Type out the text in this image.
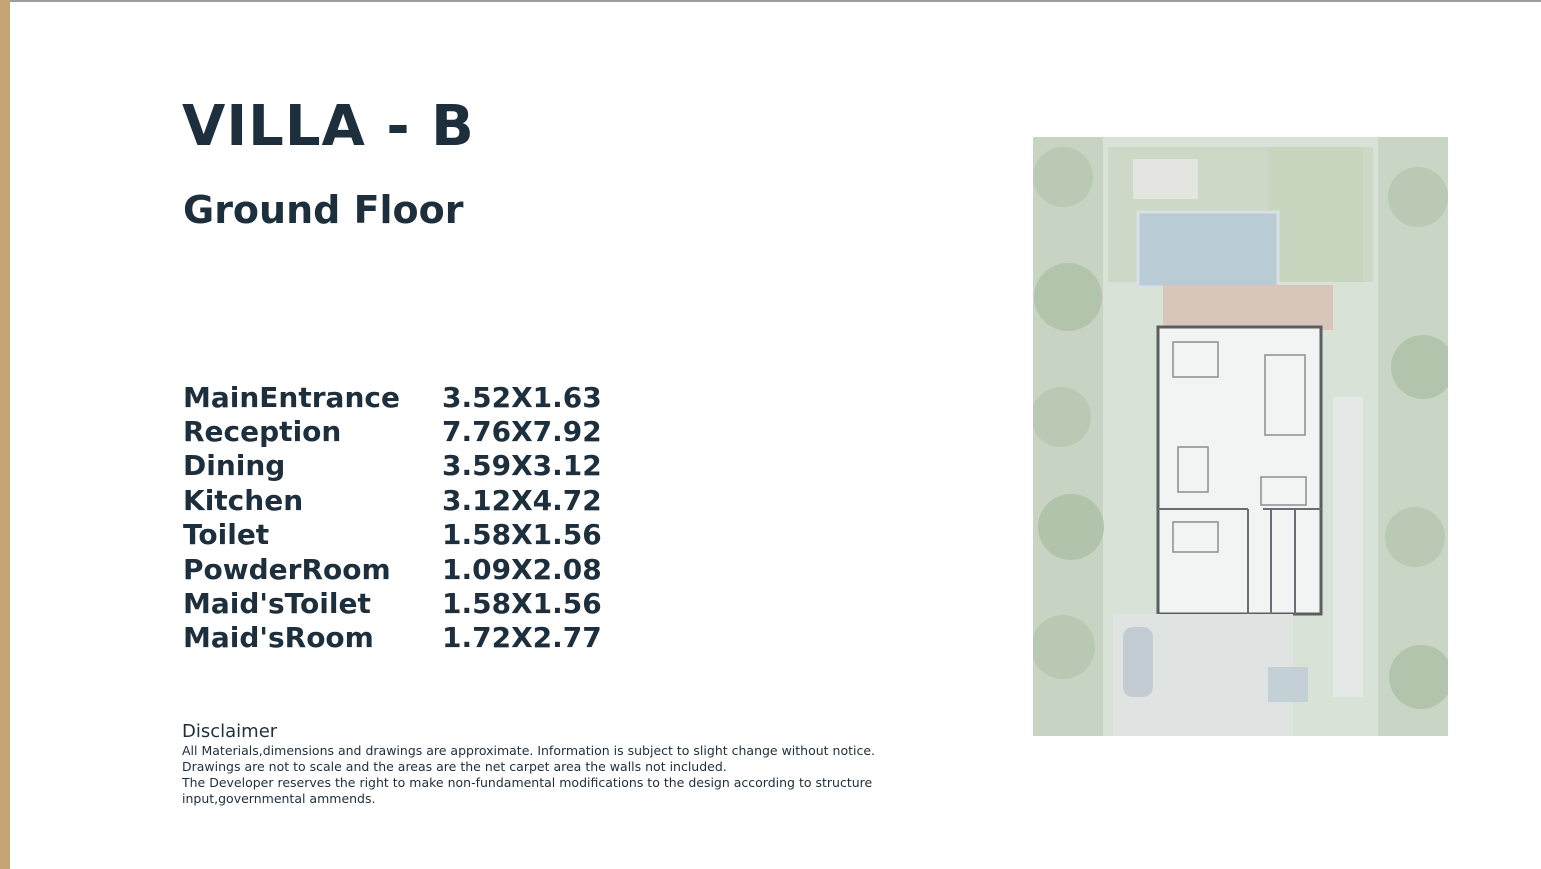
VILLA - B
Ground Floor
MainEntrance	3.52X1.63
Reception	7.76X7.92
Dining	3.59X3.12
Kitchen	3.12X4.72
Toilet	1.58X1.56
PowderRoom	1.09X2.08
Maid'sToilet	1.58X1.56
Maid'sRoom	1.72X2.77
Disclaimer
All Materials,dimensions and drawings are approximate. Information is subject to slight change without notice.
Drawings are not to scale and the areas are the net carpet area the walls not included.
The Developer reserves the right to make non-fundamental modifications to the design according to structure
input,governmental ammends.
